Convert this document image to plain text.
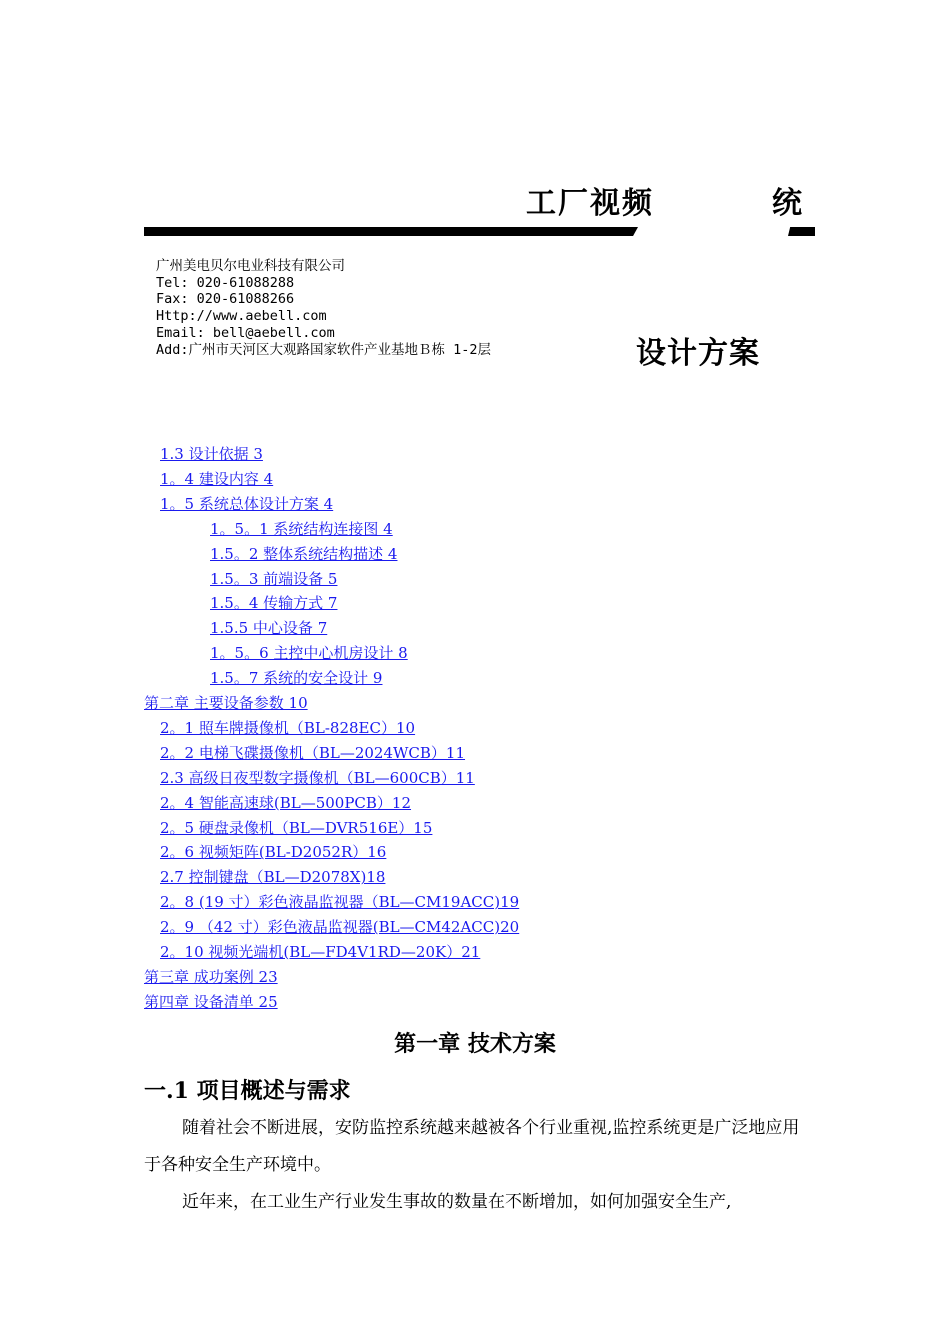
工厂视频	统
广州美电贝尔电业科技有限公司
Tel: 020-61088288
Fax: 020-61088266
Http://www.aebell.com
Email: bell@aebell.com
Add:广州市天河区大观路国家软件产业基地Ｂ栋 1-2层	设计方案
1.3 设计依据 3
1。4 建设内容 4
1。5 系统总体设计方案 4
1。5。1 系统结构连接图 4
1.5。2 整体系统结构描述 4
1.5。3 前端设备 5
1.5。4 传输方式 7
1.5.5 中心设备 7
1。5。6 主控中心机房设计 8
1.5。7 系统的安全设计 9
第二章 主要设备参数 10
2。1 照车牌摄像机（BL-828EC）10
2。2 电梯飞碟摄像机（BL—2024WCB）11
2.3 高级日夜型数字摄像机（BL—600CB）11
2。4 智能高速球(BL—500PCB）12
2。5 硬盘录像机（BL—DVR516E）15
2。6 视频矩阵(BL-D2052R）16
2.7 控制键盘（BL—D2078X)18
2。8 (19 寸）彩色液晶监视器（BL—CM19ACC)19
2。9 （42 寸）彩色液晶监视器(BL—CM42ACC)20
2。10 视频光端机(BL—FD4V1RD—20K）21
第三章 成功案例 23
第四章 设备清单 25
第一章 技术方案
一.1 项目概述与需求

随着社会不断进展，安防监控系统越来越被各个行业重视,监控系统更是广泛地应用于各种安全生产环境中。

近年来，在工业生产行业发生事故的数量在不断增加，如何加强安全生产,
